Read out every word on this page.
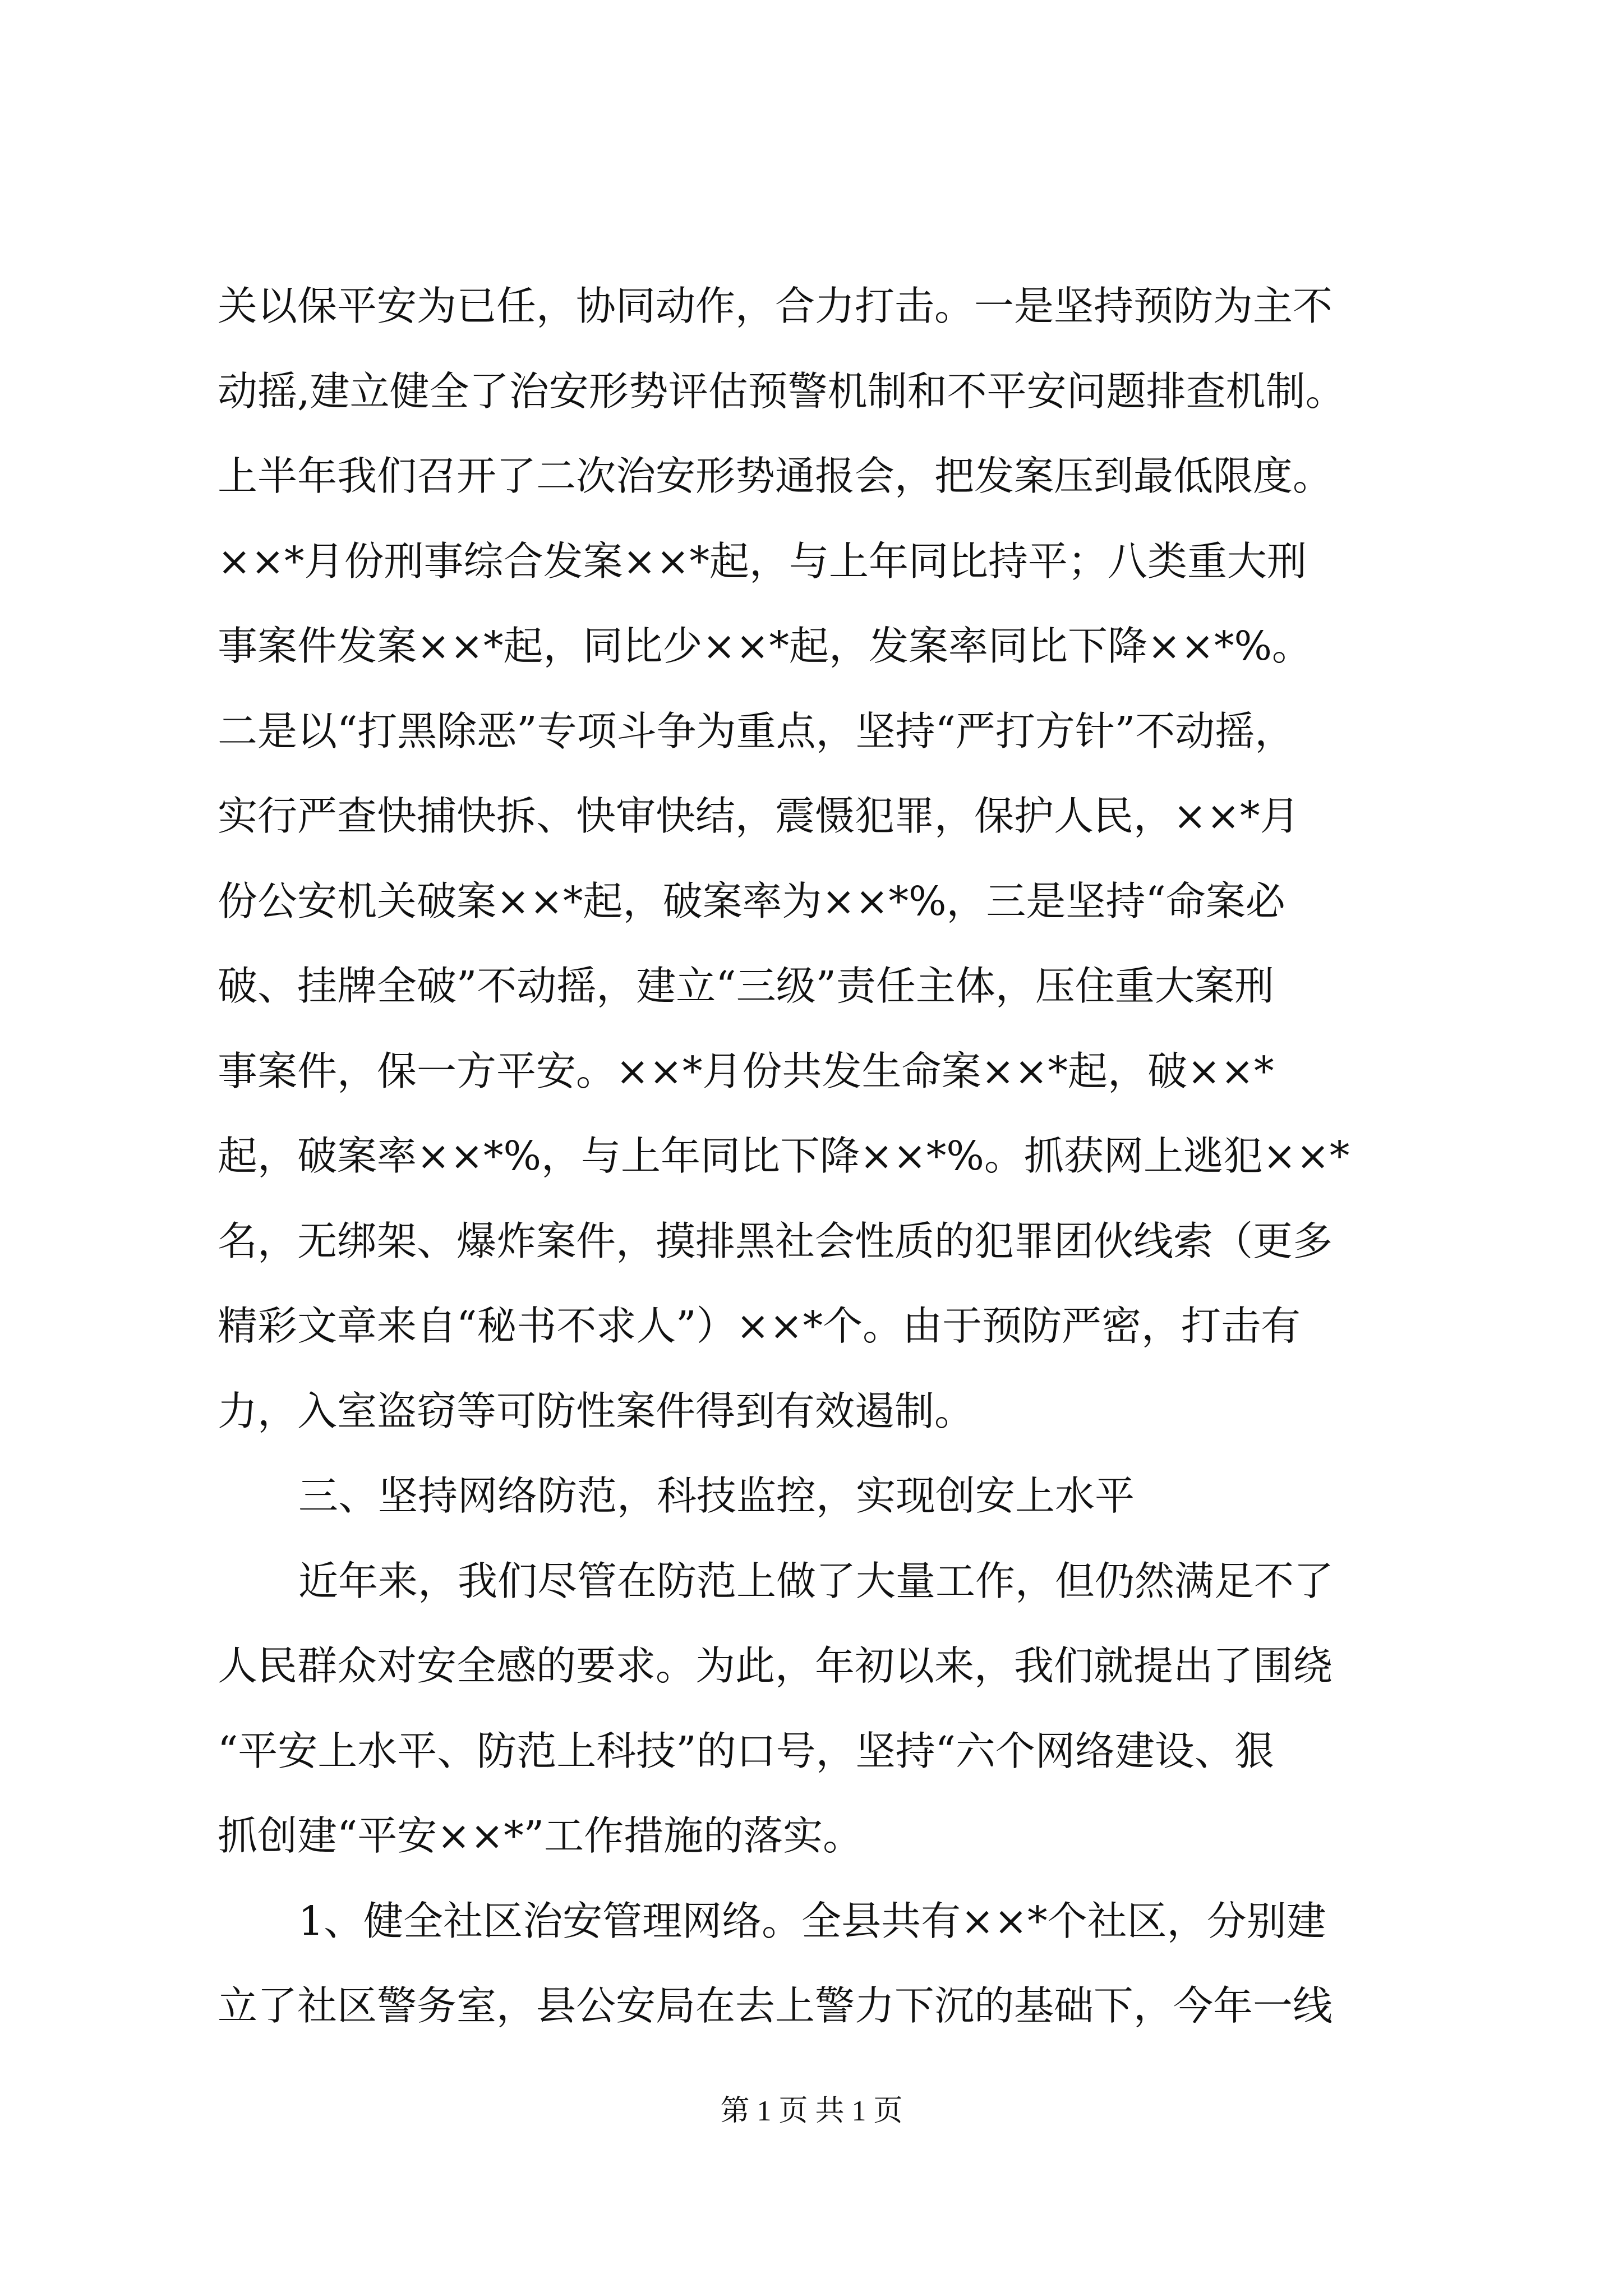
关以保平安为已任，协同动作，合力打击。一是坚持预防为主不
动摇,建立健全了治安形势评估预警机制和不平安问题排查机制。
上半年我们召开了二次治安形势通报会，把发案压到最低限度。
××*月份刑事综合发案××*起，与上年同比持平；八类重大刑
事案件发案××*起，同比少××*起，发案率同比下降××*%。
二是以“打黑除恶”专项斗争为重点，坚持“严打方针”不动摇，
实行严查快捕快拆、快审快结，震慑犯罪，保护人民，××*月
份公安机关破案××*起，破案率为××*%，三是坚持“命案必
破、挂牌全破”不动摇，建立“三级”责任主体，压住重大案刑
事案件，保一方平安。××*月份共发生命案××*起，破××*
起，破案率××*%，与上年同比下降××*%。抓获网上逃犯××*
名，无绑架、爆炸案件，摸排黑社会性质的犯罪团伙线索（更多
精彩文章来自“秘书不求人”）××*个。由于预防严密，打击有
力，入室盗窃等可防性案件得到有效遏制。
三、坚持网络防范，科技监控，实现创安上水平
近年来，我们尽管在防范上做了大量工作，但仍然满足不了
人民群众对安全感的要求。为此，年初以来，我们就提出了围绕
“平安上水平、防范上科技”的口号，坚持“六个网络建设、狠
抓创建“平安××*”工作措施的落实。
1、健全社区治安管理网络。全县共有××*个社区，分别建
立了社区警务室，县公安局在去上警力下沉的基础下，今年一线
第 1 页 共 1 页
